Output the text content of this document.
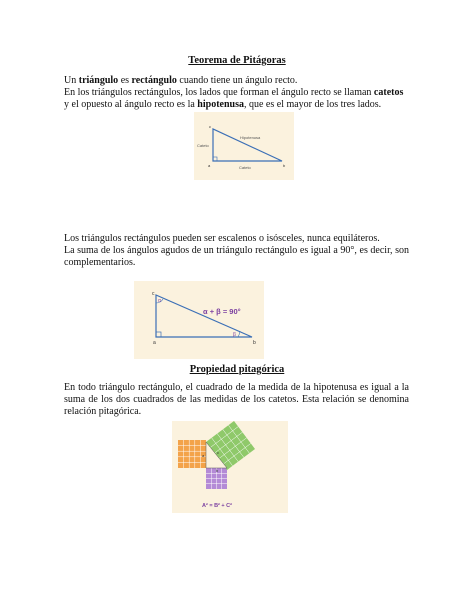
Teorema de Pitágoras
Un triángulo es rectángulo cuando tiene un ángulo recto.
En los triángulos rectángulos, los lados que forman el ángulo recto se llaman catetos y el opuesto al ángulo recto es la hipotenusa, que es el mayor de los tres lados.
c
a	b
Hipotenusa
Cateto
Cateto
Los triángulos rectángulos pueden ser escalenos o isósceles, nunca equiláteros.
La suma de los ángulos agudos de un triángulo rectángulo es igual a 90°, es decir, son complementarios.
c
a	b
α
β
α + β = 90°
Propiedad pitagórica
En todo triángulo rectángulo, el cuadrado de la medida de la hipotenusa es igual a la suma de los dos cuadrados de las medidas de los catetos. Esta relación se denomina relación pitagórica.
a
b
c
A² = B² + C²
